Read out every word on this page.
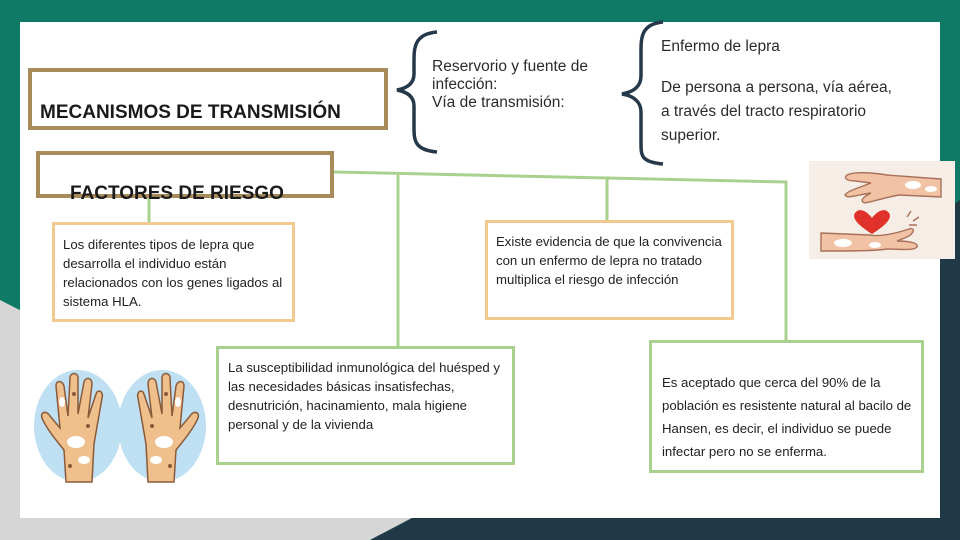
MECANISMOS DE TRANSMISIÓN
FACTORES DE RIESGO
Reservorio y fuente de infección:
Vía de transmisión:
Enfermo de lepra
De persona a persona, vía aérea, a través del tracto respiratorio superior.
Los diferentes tipos de lepra que desarrolla el individuo están relacionados con los genes ligados al sistema HLA.
Existe evidencia de que la convivencia con un enfermo de lepra no tratado multiplica el riesgo de infección
La susceptibilidad inmunológica del huésped y las necesidades básicas insatisfechas, desnutrición, hacinamiento, mala higiene personal y de la vivienda
Es aceptado que cerca del 90% de la población es resistente natural al bacilo de Hansen, es decir, el individuo se puede infectar pero no se enferma.
